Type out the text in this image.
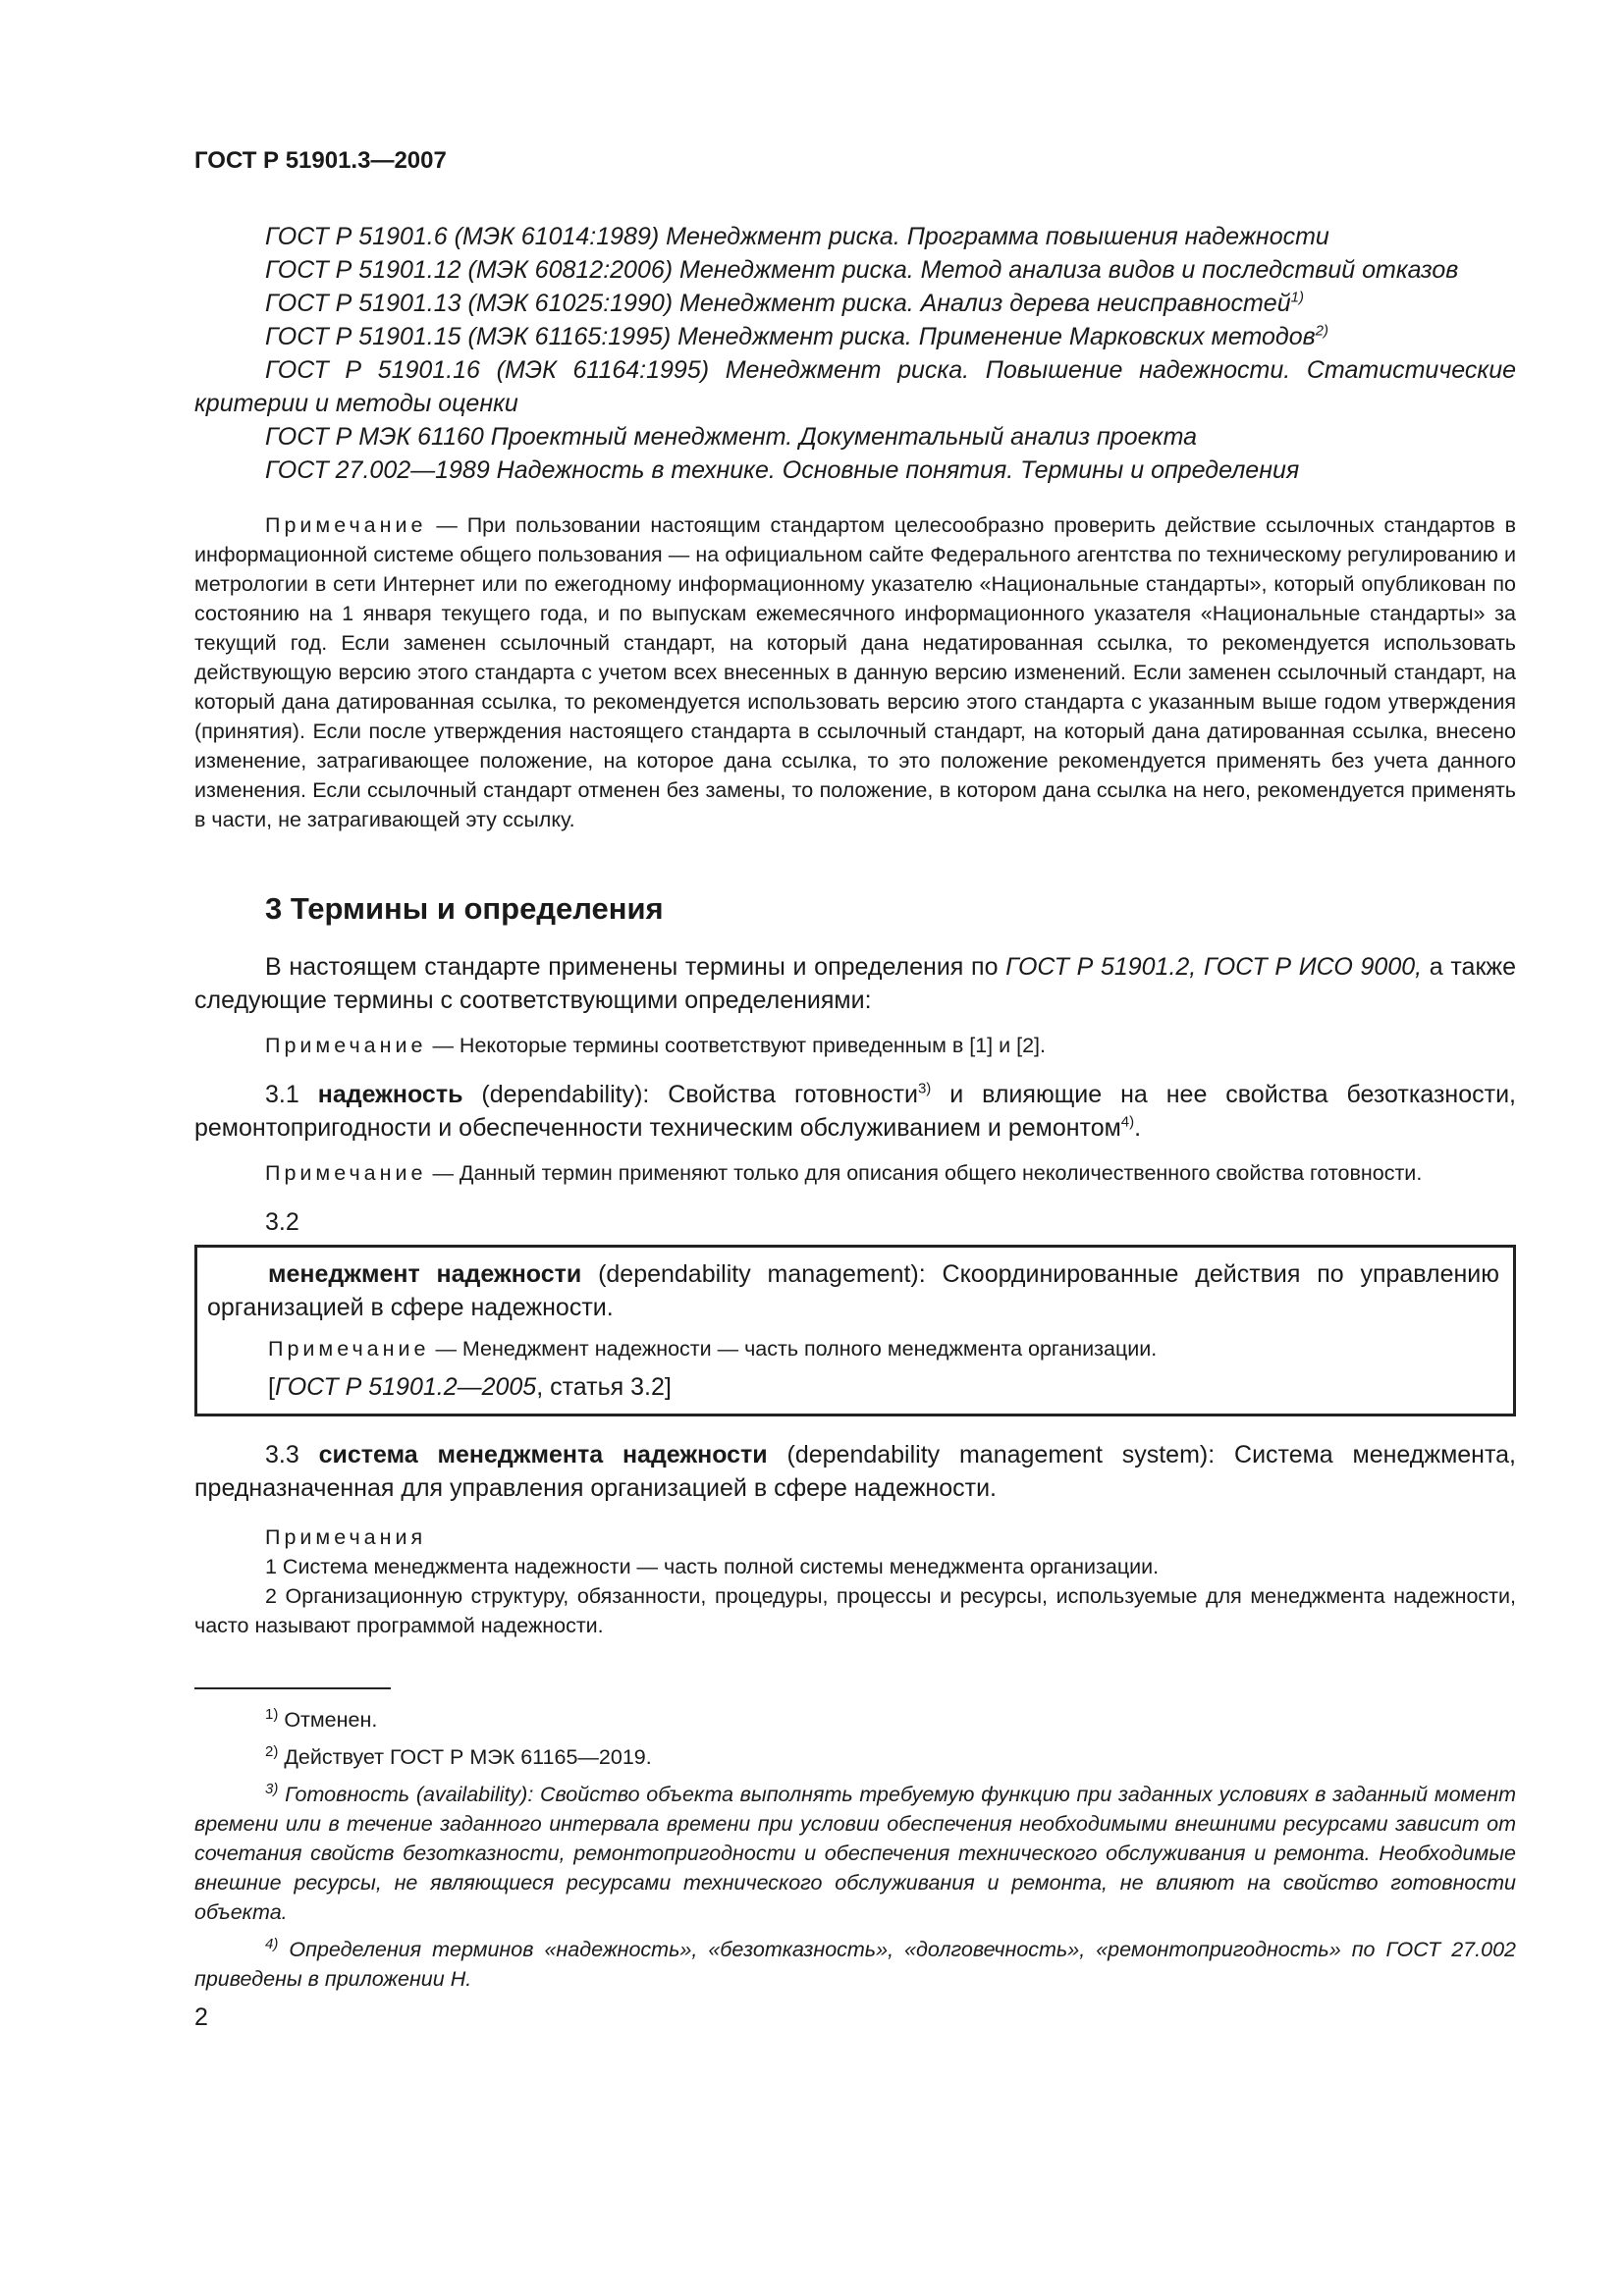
ГОСТ Р 51901.3—2007

ГОСТ Р 51901.6 (МЭК 61014:1989) Менеджмент риска. Программа повышения надежности

ГОСТ Р 51901.12 (МЭК 60812:2006) Менеджмент риска. Метод анализа видов и последствий отказов

ГОСТ Р 51901.13 (МЭК 61025:1990) Менеджмент риска. Анализ дерева неисправностей$^{1)}$

ГОСТ Р 51901.15 (МЭК 61165:1995) Менеджмент риска. Применение Марковских методов$^{2)}$

ГОСТ Р 51901.16 (МЭК 61164:1995) Менеджмент риска. Повышение надежности. Статистические критерии и методы оценки

ГОСТ Р МЭК 61160 Проектный менеджмент. Документальный анализ проекта

ГОСТ 27.002—1989 Надежность в технике. Основные понятия. Термины и определения

Примечание — При пользовании настоящим стандартом целесообразно проверить действие ссылочных стандартов в информационной системе общего пользования — на официальном сайте Федерального агентства по техническому регулированию и метрологии в сети Интернет или по ежегодному информационному указателю «Национальные стандарты», который опубликован по состоянию на 1 января текущего года, и по выпускам ежемесячного информационного указателя «Национальные стандарты» за текущий год. Если заменен ссылочный стандарт, на который дана недатированная ссылка, то рекомендуется использовать действующую версию этого стандарта с учетом всех внесенных в данную версию изменений. Если заменен ссылочный стандарт, на который дана датированная ссылка, то рекомендуется использовать версию этого стандарта с указанным выше годом утверждения (принятия). Если после утверждения настоящего стандарта в ссылочный стандарт, на который дана датированная ссылка, внесено изменение, затрагивающее положение, на которое дана ссылка, то это положение рекомендуется применять без учета данного изменения. Если ссылочный стандарт отменен без замены, то положение, в котором дана ссылка на него, рекомендуется применять в части, не затрагивающей эту ссылку.

3 Термины и определения

В настоящем стандарте применены термины и определения по ГОСТ Р 51901.2, ГОСТ Р ИСО 9000, а также следующие термины с соответствующими определениями:

Примечание — Некоторые термины соответствуют приведенным в [1] и [2].

3.1 надежность (dependability): Свойства готовности$^{3)}$ и влияющие на нее свойства безотказности, ремонтопригодности и обеспеченности техническим обслуживанием и ремонтом$^{4)}$.

Примечание — Данный термин применяют только для описания общего неколичественного свойства готовности.

3.2

менеджмент надежности (dependability management): Скоординированные действия по управлению организацией в сфере надежности.

Примечание — Менеджмент надежности — часть полного менеджмента организации.

[ГОСТ Р 51901.2—2005, статья 3.2]

3.3 система менеджмента надежности (dependability management system): Система менеджмента, предназначенная для управления организацией в сфере надежности.

Примечания

1 Система менеджмента надежности — часть полной системы менеджмента организации.

2 Организационную структуру, обязанности, процедуры, процессы и ресурсы, используемые для менеджмента надежности, часто называют программой надежности.

$^{1)}$ Отменен.

$^{2)}$ Действует ГОСТ Р МЭК 61165—2019.

$^{3)}$ Готовность (availability): Свойство объекта выполнять требуемую функцию при заданных условиях в заданный момент времени или в течение заданного интервала времени при условии обеспечения необходимыми внешними ресурсами зависит от сочетания свойств безотказности, ремонтопригодности и обеспечения технического обслуживания и ремонта. Необходимые внешние ресурсы, не являющиеся ресурсами технического обслуживания и ремонта, не влияют на свойство готовности объекта.

$^{4)}$ Определения терминов «надежность», «безотказность», «долговечность», «ремонтопригодность» по ГОСТ 27.002 приведены в приложении Н.

2
